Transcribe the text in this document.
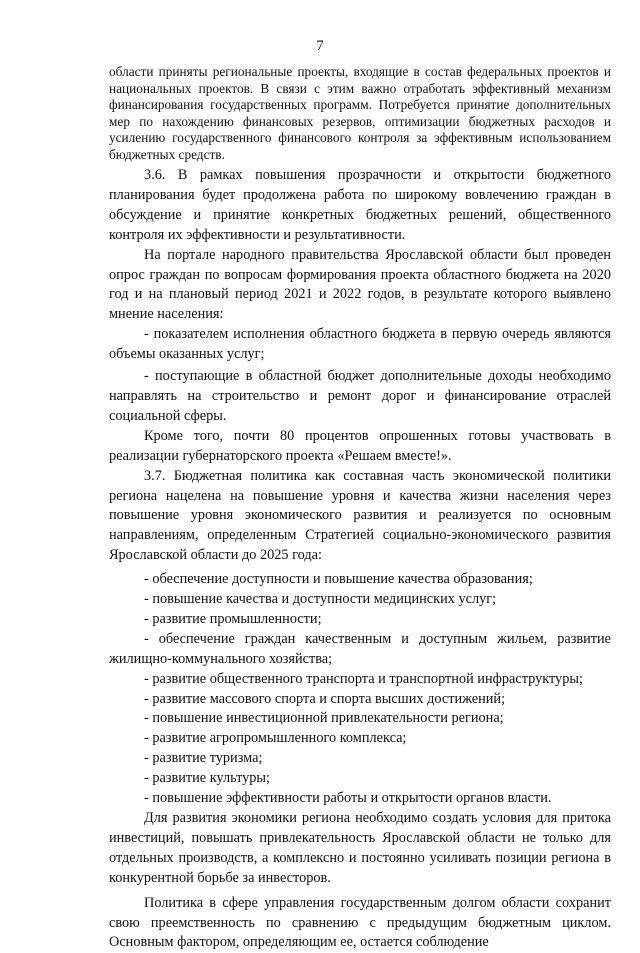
7

области приняты региональные проекты, входящие в состав федеральных проектов и национальных проектов. В связи с этим важно отработать эффективный механизм финансирования государственных программ. Потребуется принятие дополнительных мер по нахождению финансовых резервов, оптимизации бюджетных расходов и усилению государственного финансового контроля за эффективным использованием бюджетных средств.

3.6. В рамках повышения прозрачности и открытости бюджетного планирования будет продолжена работа по широкому вовлечению граждан в обсуждение и принятие конкретных бюджетных решений, общественного контроля их эффективности и результативности.

На портале народного правительства Ярославской области был проведен опрос граждан по вопросам формирования проекта областного бюджета на 2020 год и на плановый период 2021 и 2022 годов, в результате которого выявлено мнение населения:

- показателем исполнения областного бюджета в первую очередь являются объемы оказанных услуг;

- поступающие в областной бюджет дополнительные доходы необходимо направлять на строительство и ремонт дорог и финансирование отраслей социальной сферы.

Кроме того, почти 80 процентов опрошенных готовы участвовать в реализации губернаторского проекта «Решаем вместе!».

3.7. Бюджетная политика как составная часть экономической политики региона нацелена на повышение уровня и качества жизни населения через повышение уровня экономического развития и реализуется по основным направлениям, определенным Стратегией социально-экономического развития Ярославской области до 2025 года:

- обеспечение доступности и повышение качества образования;

- повышение качества и доступности медицинских услуг;

- развитие промышленности;

- обеспечение граждан качественным и доступным жильем, развитие жилищно-коммунального хозяйства;

- развитие общественного транспорта и транспортной инфраструктуры;

- развитие массового спорта и спорта высших достижений;

- повышение инвестиционной привлекательности региона;

- развитие агропромышленного комплекса;

- развитие туризма;

- развитие культуры;

- повышение эффективности работы и открытости органов власти.

Для развития экономики региона необходимо создать условия для притока инвестиций, повышать привлекательность Ярославской области не только для отдельных производств, а комплексно и постоянно усиливать позиции региона в конкурентной борьбе за инвесторов.

Политика в сфере управления государственным долгом области сохранит свою преемственность по сравнению с предыдущим бюджетным циклом. Основным фактором, определяющим ее, остается соблюдение
